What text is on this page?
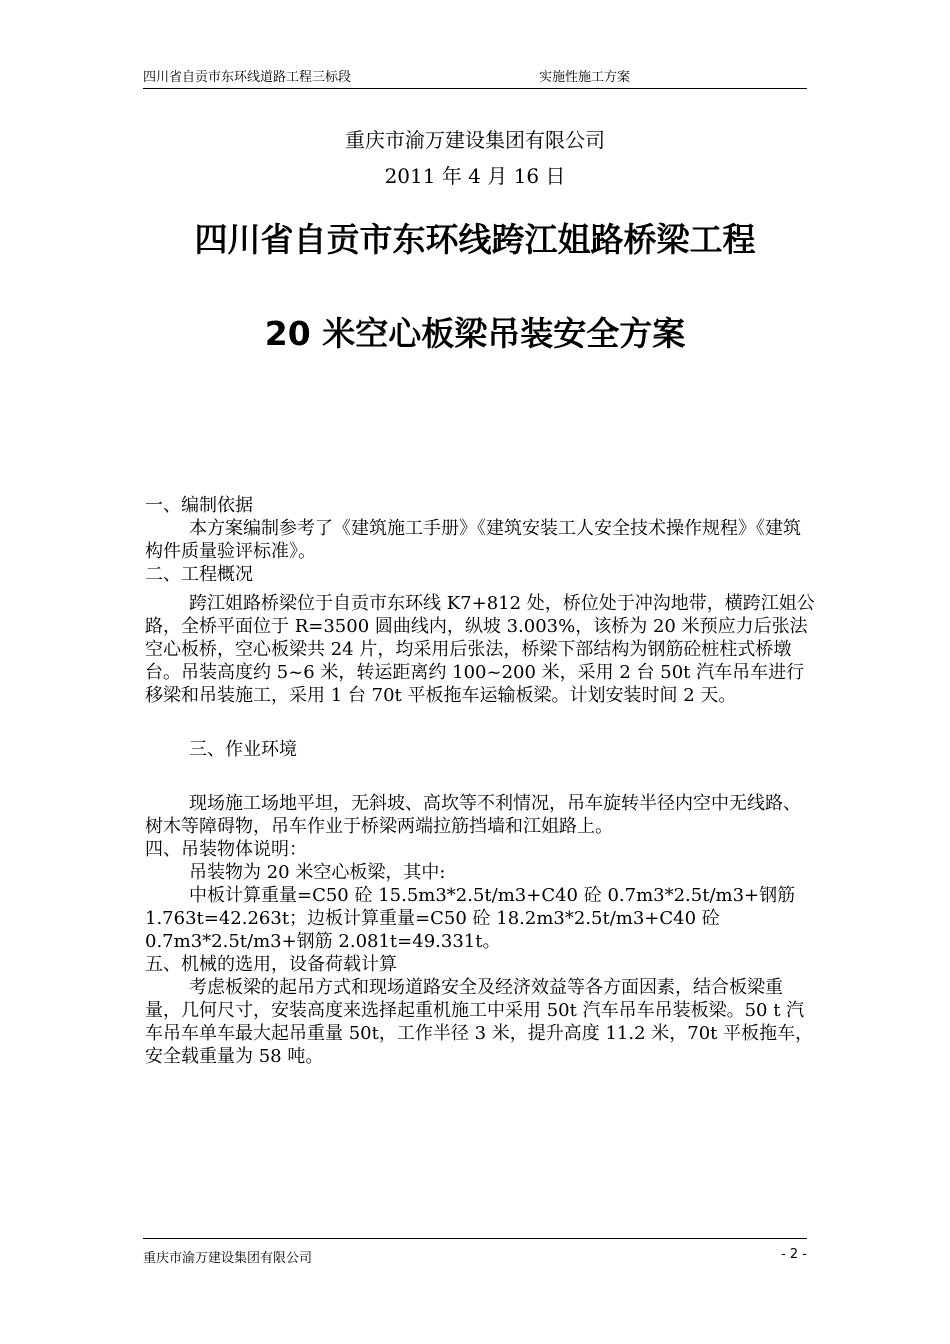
四川省自贡市东环线道路工程三标段	实施性施工方案
重庆市渝万建设集团有限公司
2011 年 4 月 16 日
四川省自贡市东环线跨江姐路桥梁工程
20 米空心板梁吊装安全方案

一、编制依据

本方案编制参考了《建筑施工手册》《建筑安装工人安全技术操作规程》《建筑构件质量验评标准》。

二、工程概况

跨江姐路桥梁位于自贡市东环线 K7+812 处，桥位处于冲沟地带，横跨江姐公路，全桥平面位于 R=3500 圆曲线内，纵坡 3.003%，该桥为 20 米预应力后张法空心板桥，空心板梁共 24 片，均采用后张法，桥梁下部结构为钢筋砼桩柱式桥墩台。吊装高度约 5~6 米，转运距离约 100~200 米，采用 2 台 50t 汽车吊车进行移梁和吊装施工，采用 1 台 70t 平板拖车运输板梁。计划安装时间 2 天。

三、作业环境

现场施工场地平坦，无斜坡、高坎等不利情况，吊车旋转半径内空中无线路、树木等障碍物，吊车作业于桥梁两端拉筋挡墙和江姐路上。

四、吊装物体说明：

吊装物为 20 米空心板梁，其中:

中板计算重量=C50 砼 15.5m3*2.5t/m3+C40 砼 0.7m3*2.5t/m3+钢筋 1.763t=42.263t；边板计算重量=C50 砼 18.2m3*2.5t/m3+C40 砼 0.7m3*2.5t/m3+钢筋 2.081t=49.331t。

五、机械的选用，设备荷载计算

考虑板梁的起吊方式和现场道路安全及经济效益等各方面因素，结合板梁重量，几何尺寸，安装高度来选择起重机施工中采用 50t 汽车吊车吊装板梁。50 t 汽车吊车单车最大起吊重量 50t，工作半径 3 米，提升高度 11.2 米，70t 平板拖车，安全载重量为 58 吨。

重庆市渝万建设集团有限公司	- 2 -
